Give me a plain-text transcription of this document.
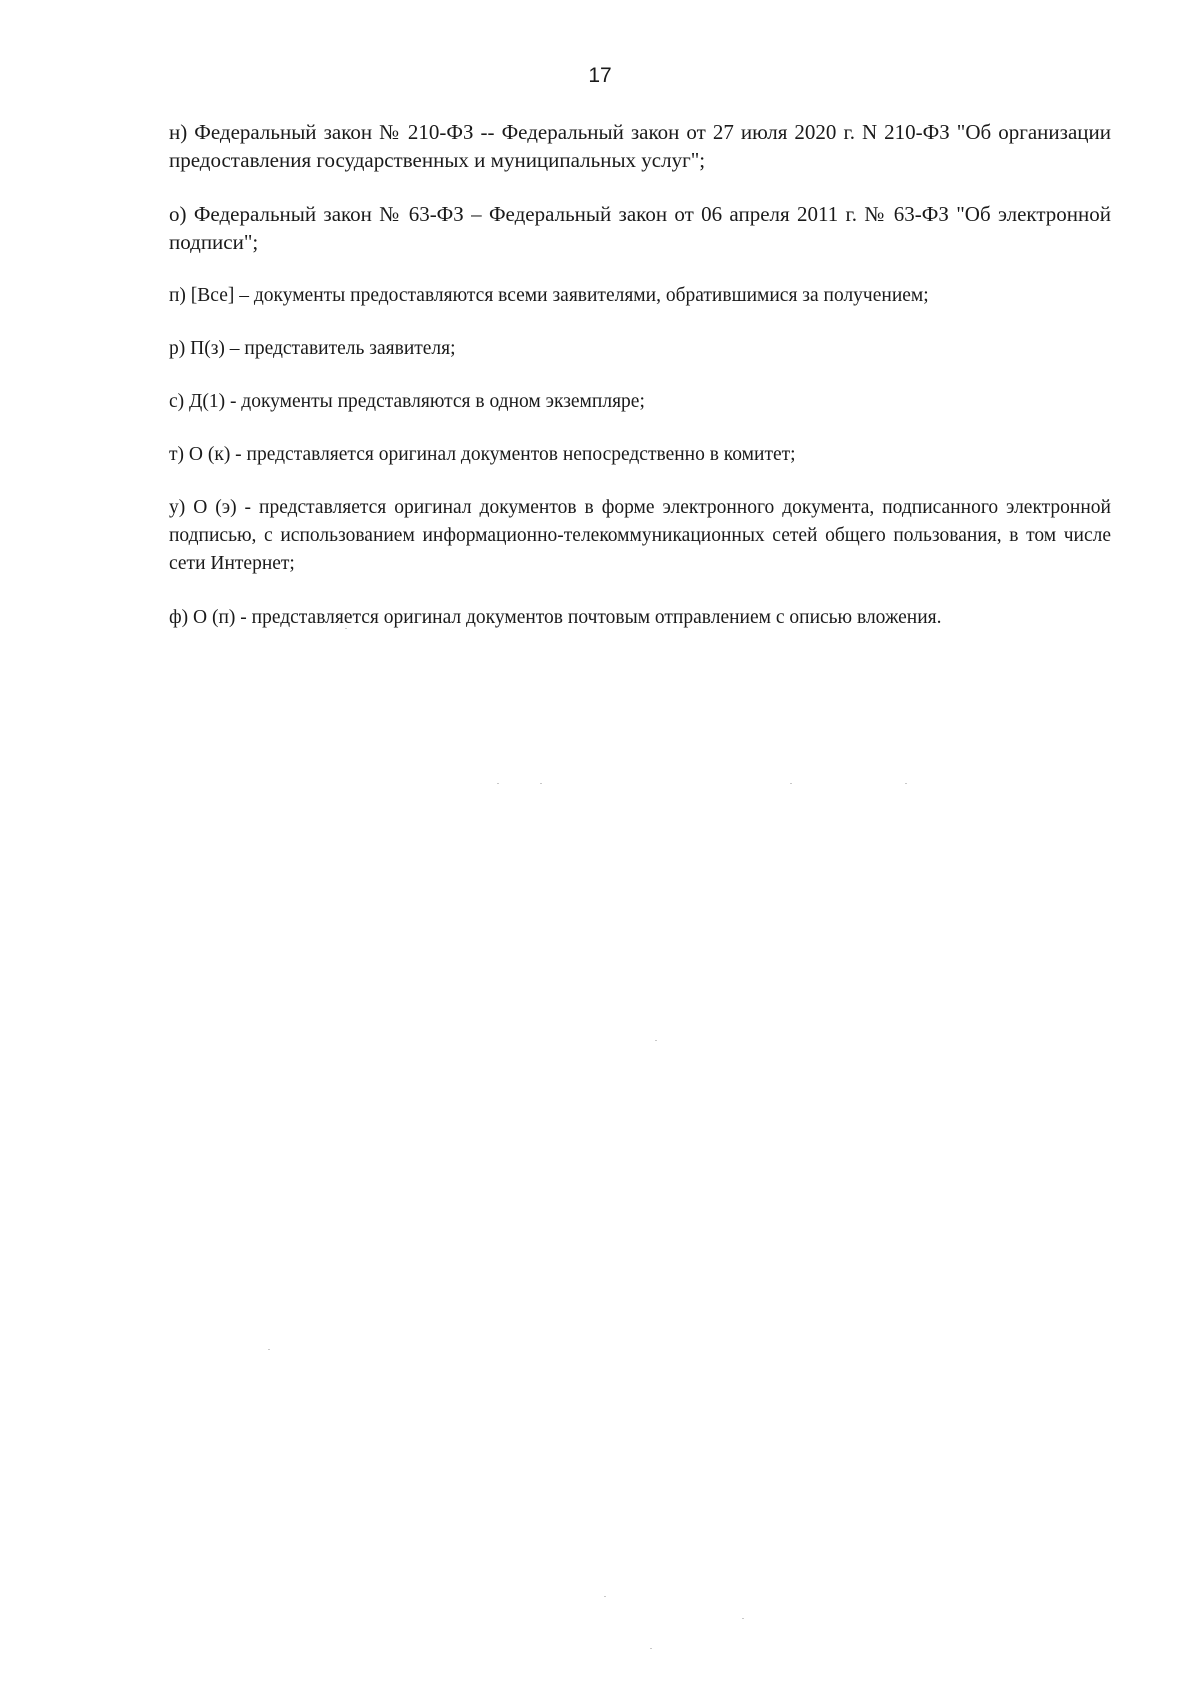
17

н) Федеральный закон № 210-ФЗ -- Федеральный закон от 27 июля 2020 г. N 210-ФЗ "Об организации предоставления государственных и муниципальных услуг";

о) Федеральный закон № 63-ФЗ – Федеральный закон от 06 апреля 2011 г. № 63-ФЗ "Об электронной подписи";

п) [Все] – документы предоставляются всеми заявителями, обратившимися за получением;

р) П(з) – представитель заявителя;

с) Д(1) - документы представляются в одном экземпляре;

т) О (к) - представляется оригинал документов непосредственно в комитет;

у) О (э) - представляется оригинал документов в форме электронного документа, подписанного электронной подписью, с использованием информационно-телекоммуникационных сетей общего пользования, в том числе сети Интернет;

ф) О (п) - представляется оригинал документов почтовым отправлением с описью вложения.
